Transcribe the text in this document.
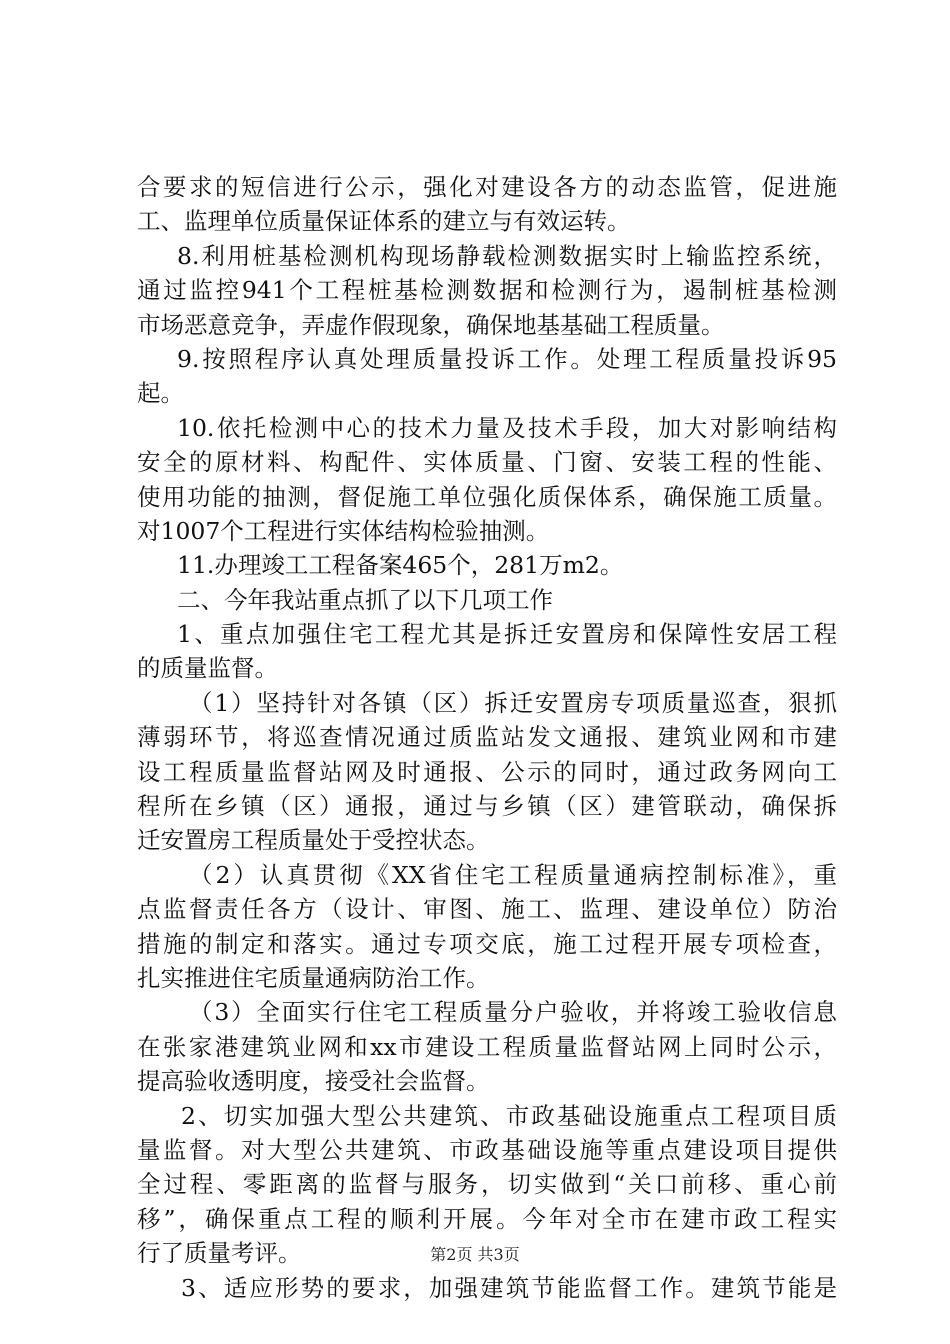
合要求的短信进行公示，强化对建设各方的动态监管，促进施
工、监理单位质量保证体系的建立与有效运转。
8.利用桩基检测机构现场静载检测数据实时上输监控系统，
通过监控941个工程桩基检测数据和检测行为，遏制桩基检测
市场恶意竞争，弄虚作假现象，确保地基基础工程质量。
9.按照程序认真处理质量投诉工作。处理工程质量投诉95
起。
10.依托检测中心的技术力量及技术手段，加大对影响结构
安全的原材料、构配件、实体质量、门窗、安装工程的性能、
使用功能的抽测，督促施工单位强化质保体系，确保施工质量。
对1007个工程进行实体结构检验抽测。
11.办理竣工工程备案465个，281万m2。
二、今年我站重点抓了以下几项工作
1、重点加强住宅工程尤其是拆迁安置房和保障性安居工程
的质量监督。
（1）坚持针对各镇（区）拆迁安置房专项质量巡查，狠抓
薄弱环节，将巡查情况通过质监站发文通报、建筑业网和市建
设工程质量监督站网及时通报、公示的同时，通过政务网向工
程所在乡镇（区）通报，通过与乡镇（区）建管联动，确保拆
迁安置房工程质量处于受控状态。
（2）认真贯彻《XX省住宅工程质量通病控制标准》，重
点监督责任各方（设计、审图、施工、监理、建设单位）防治
措施的制定和落实。通过专项交底，施工过程开展专项检查，
扎实推进住宅质量通病防治工作。
（3）全面实行住宅工程质量分户验收，并将竣工验收信息
在张家港建筑业网和xx市建设工程质量监督站网上同时公示，
提高验收透明度，接受社会监督。
2、切实加强大型公共建筑、市政基础设施重点工程项目质
量监督。对大型公共建筑、市政基础设施等重点建设项目提供
全过程、零距离的监督与服务，切实做到“关口前移、重心前
移”，确保重点工程的顺利开展。今年对全市在建市政工程实
行了质量考评。
3、适应形势的要求，加强建筑节能监督工作。建筑节能是
第2页 共3页
